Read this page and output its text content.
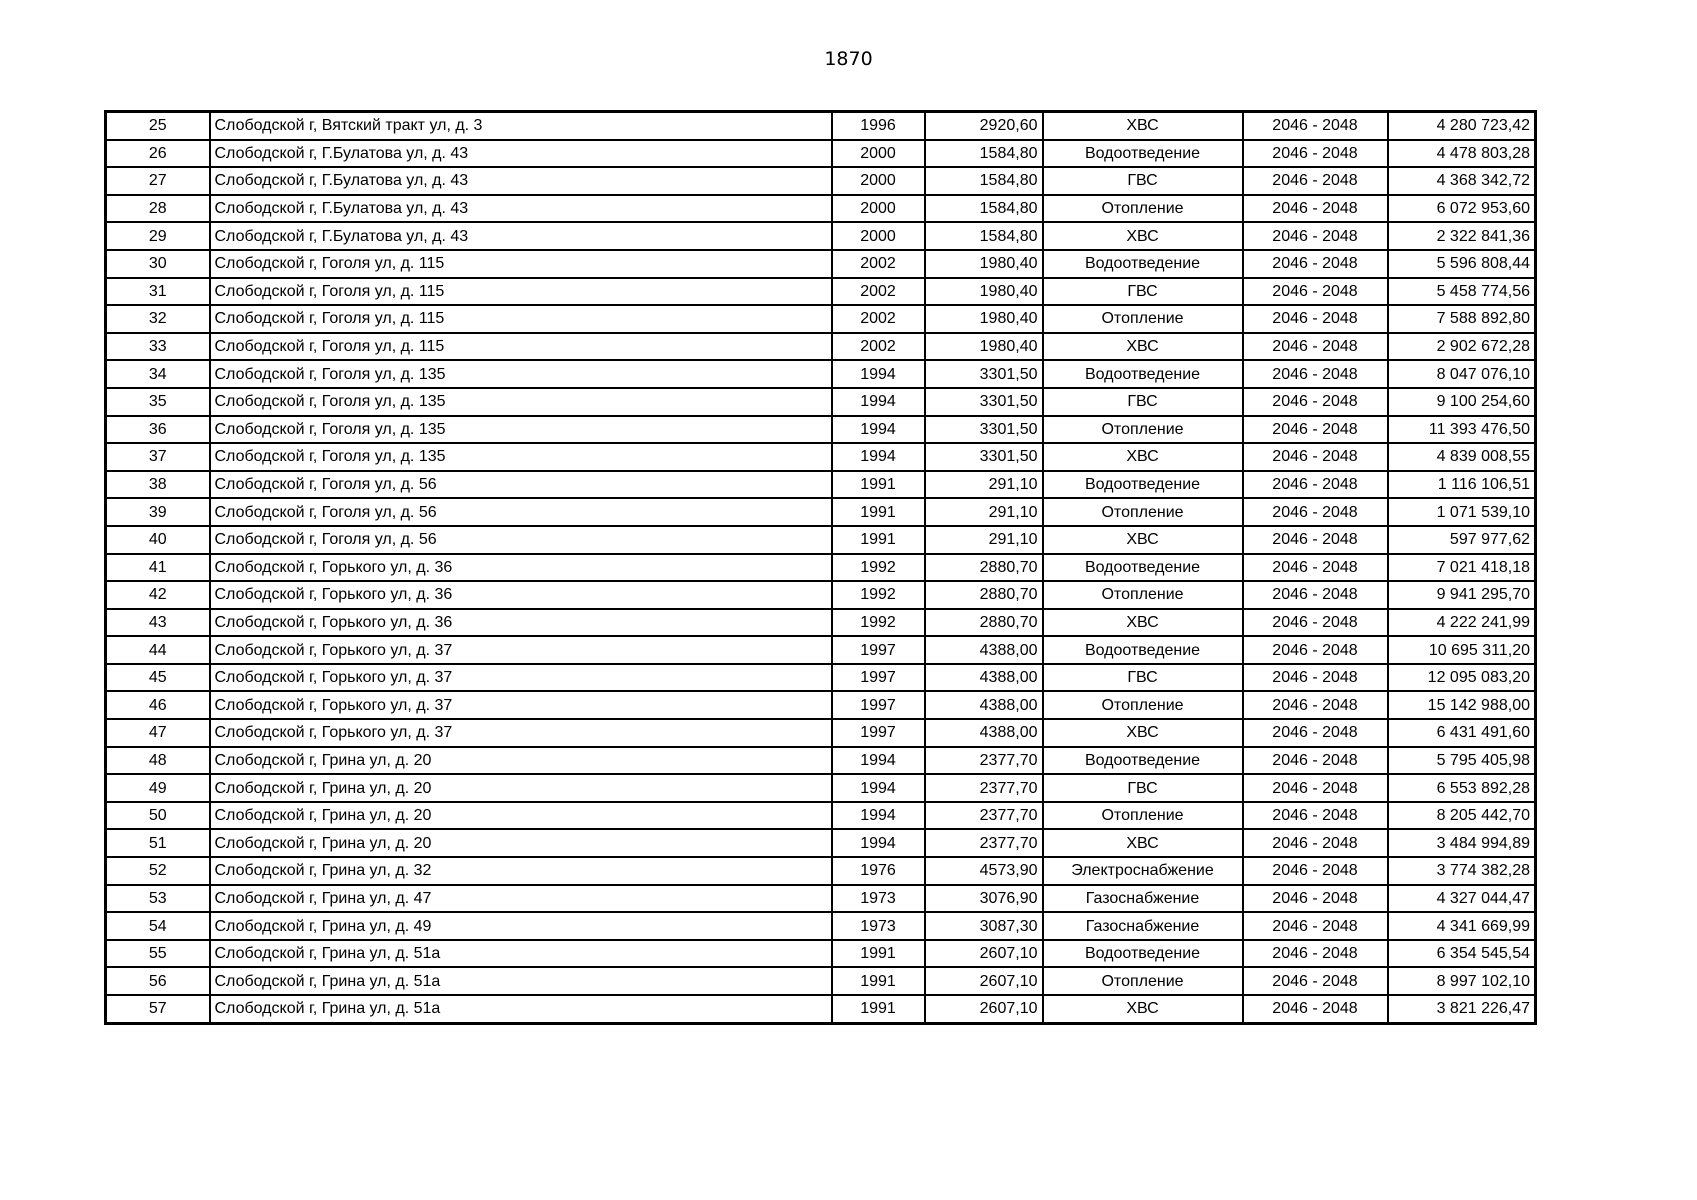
1870
25	Слободской г, Вятский тракт ул, д. 3	1996	2920,60	ХВС	2046 - 2048	4 280 723,42
26	Слободской г, Г.Булатова ул, д. 43	2000	1584,80	Водоотведение	2046 - 2048	4 478 803,28
27	Слободской г, Г.Булатова ул, д. 43	2000	1584,80	ГВС	2046 - 2048	4 368 342,72
28	Слободской г, Г.Булатова ул, д. 43	2000	1584,80	Отопление	2046 - 2048	6 072 953,60
29	Слободской г, Г.Булатова ул, д. 43	2000	1584,80	ХВС	2046 - 2048	2 322 841,36
30	Слободской г, Гоголя ул, д. 115	2002	1980,40	Водоотведение	2046 - 2048	5 596 808,44
31	Слободской г, Гоголя ул, д. 115	2002	1980,40	ГВС	2046 - 2048	5 458 774,56
32	Слободской г, Гоголя ул, д. 115	2002	1980,40	Отопление	2046 - 2048	7 588 892,80
33	Слободской г, Гоголя ул, д. 115	2002	1980,40	ХВС	2046 - 2048	2 902 672,28
34	Слободской г, Гоголя ул, д. 135	1994	3301,50	Водоотведение	2046 - 2048	8 047 076,10
35	Слободской г, Гоголя ул, д. 135	1994	3301,50	ГВС	2046 - 2048	9 100 254,60
36	Слободской г, Гоголя ул, д. 135	1994	3301,50	Отопление	2046 - 2048	11 393 476,50
37	Слободской г, Гоголя ул, д. 135	1994	3301,50	ХВС	2046 - 2048	4 839 008,55
38	Слободской г, Гоголя ул, д. 56	1991	291,10	Водоотведение	2046 - 2048	1 116 106,51
39	Слободской г, Гоголя ул, д. 56	1991	291,10	Отопление	2046 - 2048	1 071 539,10
40	Слободской г, Гоголя ул, д. 56	1991	291,10	ХВС	2046 - 2048	597 977,62
41	Слободской г, Горького ул, д. 36	1992	2880,70	Водоотведение	2046 - 2048	7 021 418,18
42	Слободской г, Горького ул, д. 36	1992	2880,70	Отопление	2046 - 2048	9 941 295,70
43	Слободской г, Горького ул, д. 36	1992	2880,70	ХВС	2046 - 2048	4 222 241,99
44	Слободской г, Горького ул, д. 37	1997	4388,00	Водоотведение	2046 - 2048	10 695 311,20
45	Слободской г, Горького ул, д. 37	1997	4388,00	ГВС	2046 - 2048	12 095 083,20
46	Слободской г, Горького ул, д. 37	1997	4388,00	Отопление	2046 - 2048	15 142 988,00
47	Слободской г, Горького ул, д. 37	1997	4388,00	ХВС	2046 - 2048	6 431 491,60
48	Слободской г, Грина ул, д. 20	1994	2377,70	Водоотведение	2046 - 2048	5 795 405,98
49	Слободской г, Грина ул, д. 20	1994	2377,70	ГВС	2046 - 2048	6 553 892,28
50	Слободской г, Грина ул, д. 20	1994	2377,70	Отопление	2046 - 2048	8 205 442,70
51	Слободской г, Грина ул, д. 20	1994	2377,70	ХВС	2046 - 2048	3 484 994,89
52	Слободской г, Грина ул, д. 32	1976	4573,90	Электроснабжение	2046 - 2048	3 774 382,28
53	Слободской г, Грина ул, д. 47	1973	3076,90	Газоснабжение	2046 - 2048	4 327 044,47
54	Слободской г, Грина ул, д. 49	1973	3087,30	Газоснабжение	2046 - 2048	4 341 669,99
55	Слободской г, Грина ул, д. 51а	1991	2607,10	Водоотведение	2046 - 2048	6 354 545,54
56	Слободской г, Грина ул, д. 51а	1991	2607,10	Отопление	2046 - 2048	8 997 102,10
57	Слободской г, Грина ул, д. 51а	1991	2607,10	ХВС	2046 - 2048	3 821 226,47
